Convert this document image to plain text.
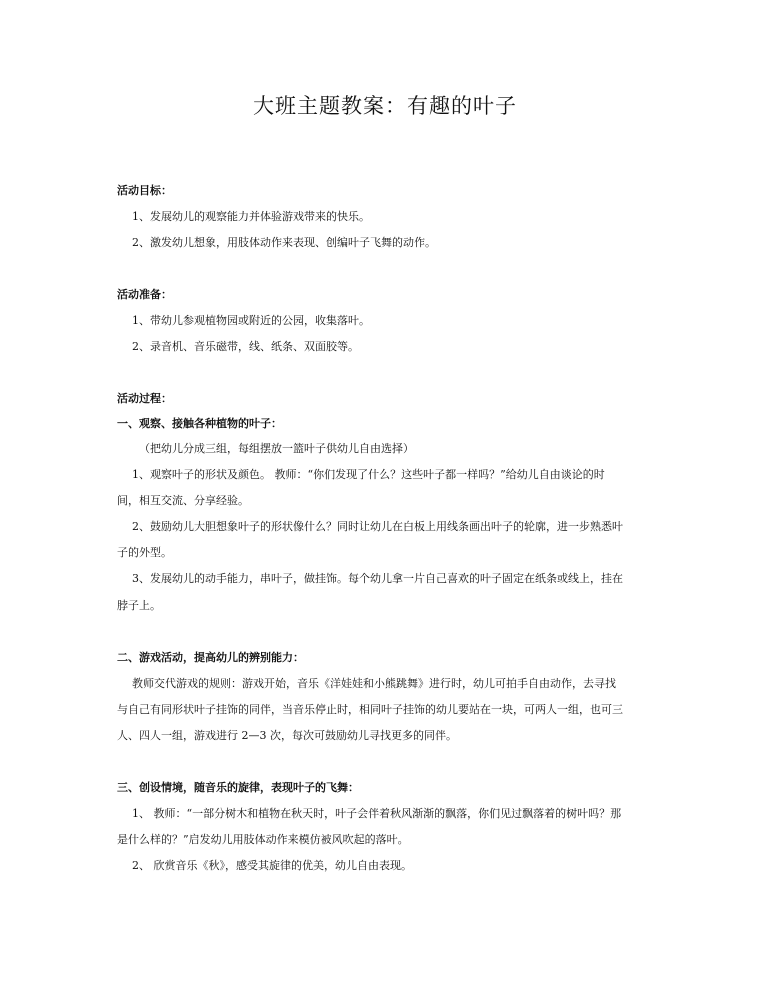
大班主题教案：有趣的叶子
活动目标：
1、发展幼儿的观察能力并体验游戏带来的快乐。
2、激发幼儿想象，用肢体动作来表现、创编叶子飞舞的动作。
活动准备：
1、带幼儿参观植物园或附近的公园，收集落叶。
2、录音机、音乐磁带，线、纸条、双面胶等。
活动过程：
一、观察、接触各种植物的叶子：
（把幼儿分成三组，每组摆放一篮叶子供幼儿自由选择）
1、观察叶子的形状及颜色。 教师：“你们发现了什么？这些叶子都一样吗？”给幼儿自由谈论的时
间，相互交流、分享经验。
2、鼓励幼儿大胆想象叶子的形状像什么？同时让幼儿在白板上用线条画出叶子的轮廓，进一步熟悉叶
子的外型。
3、发展幼儿的动手能力，串叶子，做挂饰。每个幼儿拿一片自己喜欢的叶子固定在纸条或线上，挂在
脖子上。
二、游戏活动，提高幼儿的辨别能力：
教师交代游戏的规则：游戏开始，音乐《洋娃娃和小熊跳舞》进行时，幼儿可拍手自由动作，去寻找
与自己有同形状叶子挂饰的同伴，当音乐停止时，相同叶子挂饰的幼儿要站在一块，可两人一组，也可三
人、四人一组，游戏进行 2—3 次，每次可鼓励幼儿寻找更多的同伴。
三、创设情境，随音乐的旋律，表现叶子的飞舞：
1、 教师：“一部分树木和植物在秋天时，叶子会伴着秋风渐渐的飘落，你们见过飘落着的树叶吗？那
是什么样的？”启发幼儿用肢体动作来模仿被风吹起的落叶。
2、 欣赏音乐《秋》，感受其旋律的优美，幼儿自由表现。
